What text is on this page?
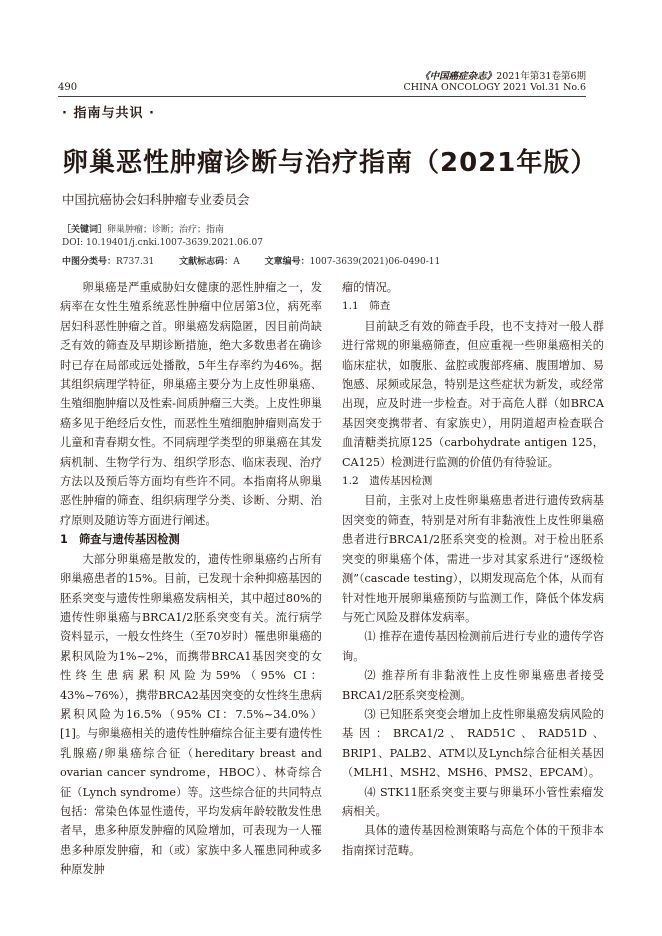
《中国癌症杂志》2021年第31卷第6期
CHINA ONCOLOGY 2021 Vol.31 No.6
490
· 指南与共识 ·
卵巢恶性肿瘤诊断与治疗指南（2021年版）
中国抗癌协会妇科肿瘤专业委员会
［关键词］卵巢肿瘤；诊断；治疗；指南
DOI: 10.19401/j.cnki.1007-3639.2021.06.07
中图分类号：R737.31	文献标志码：A	文章编号：1007-3639(2021)06-0490-11

卵巢癌是严重威胁妇女健康的恶性肿瘤之一，发病率在女性生殖系统恶性肿瘤中位居第3位，病死率居妇科恶性肿瘤之首。卵巢癌发病隐匿，因目前尚缺乏有效的筛查及早期诊断措施，绝大多数患者在确诊时已存在局部或远处播散，5年生存率约为46%。据其组织病理学特征，卵巢癌主要分为上皮性卵巢癌、生殖细胞肿瘤以及性索-间质肿瘤三大类。上皮性卵巢癌多见于绝经后女性，而恶性生殖细胞肿瘤则高发于儿童和青春期女性。不同病理学类型的卵巢癌在其发病机制、生物学行为、组织学形态、临床表现、治疗方法以及预后等方面均有些许不同。本指南将从卵巢恶性肿瘤的筛查、组织病理学分类、诊断、分期、治疗原则及随访等方面进行阐述。

1　筛查与遗传基因检测

大部分卵巢癌是散发的，遗传性卵巢癌约占所有卵巢癌患者的15%。目前，已发现十余种抑癌基因的胚系突变与遗传性卵巢癌发病相关，其中超过80%的遗传性卵巢癌与BRCA1/2胚系突变有关。流行病学资料显示，一般女性终生（至70岁时）罹患卵巢癌的累积风险为1%~2%，而携带BRCA1基因突变的女性终生患病累积风险为59%（95% CI：43%~76%），携带BRCA2基因突变的女性终生患病累积风险为16.5%（95% CI：7.5%~34.0%）[1]。与卵巢癌相关的遗传性肿瘤综合征主要有遗传性乳腺癌/卵巢癌综合征（hereditary breast and ovarian cancer syndrome，HBOC）、林奇综合征（Lynch syndrome）等。这些综合征的共同特点包括：常染色体显性遗传，平均发病年龄较散发性患者早，患多种原发肿瘤的风险增加，可表现为一人罹患多种原发肿瘤，和（或）家族中多人罹患同种或多种原发肿

瘤的情况。

1.1　筛查

目前缺乏有效的筛查手段，也不支持对一般人群进行常规的卵巢癌筛查，但应重视一些卵巢癌相关的临床症状，如腹胀、盆腔或腹部疼痛、腹围增加、易饱感、尿频或尿急，特别是这些症状为新发，或经常出现，应及时进一步检查。对于高危人群（如BRCA基因突变携带者、有家族史），用阴道超声检查联合血清糖类抗原125（carbohydrate antigen 125，CA125）检测进行监测的价值仍有待验证。

1.2　遗传基因检测

目前，主张对上皮性卵巢癌患者进行遗传致病基因突变的筛查，特别是对所有非黏液性上皮性卵巢癌患者进行BRCA1/2胚系突变的检测。对于检出胚系突变的卵巢癌个体，需进一步对其家系进行“逐级检测”（cascade testing），以期发现高危个体，从而有针对性地开展卵巢癌预防与监测工作，降低个体发病与死亡风险及群体发病率。

⑴ 推荐在遗传基因检测前后进行专业的遗传学咨询。

⑵ 推荐所有非黏液性上皮性卵巢癌患者接受BRCA1/2胚系突变检测。

⑶ 已知胚系突变会增加上皮性卵巢癌发病风险的基因：BRCA1/2、RAD51C、RAD51D、BRIP1、PALB2、ATM以及Lynch综合征相关基因（MLH1、MSH2、MSH6、PMS2、EPCAM）。

⑷ STK11胚系突变主要与卵巢环小管性索瘤发病相关。

具体的遗传基因检测策略与高危个体的干预非本指南探讨范畴。
